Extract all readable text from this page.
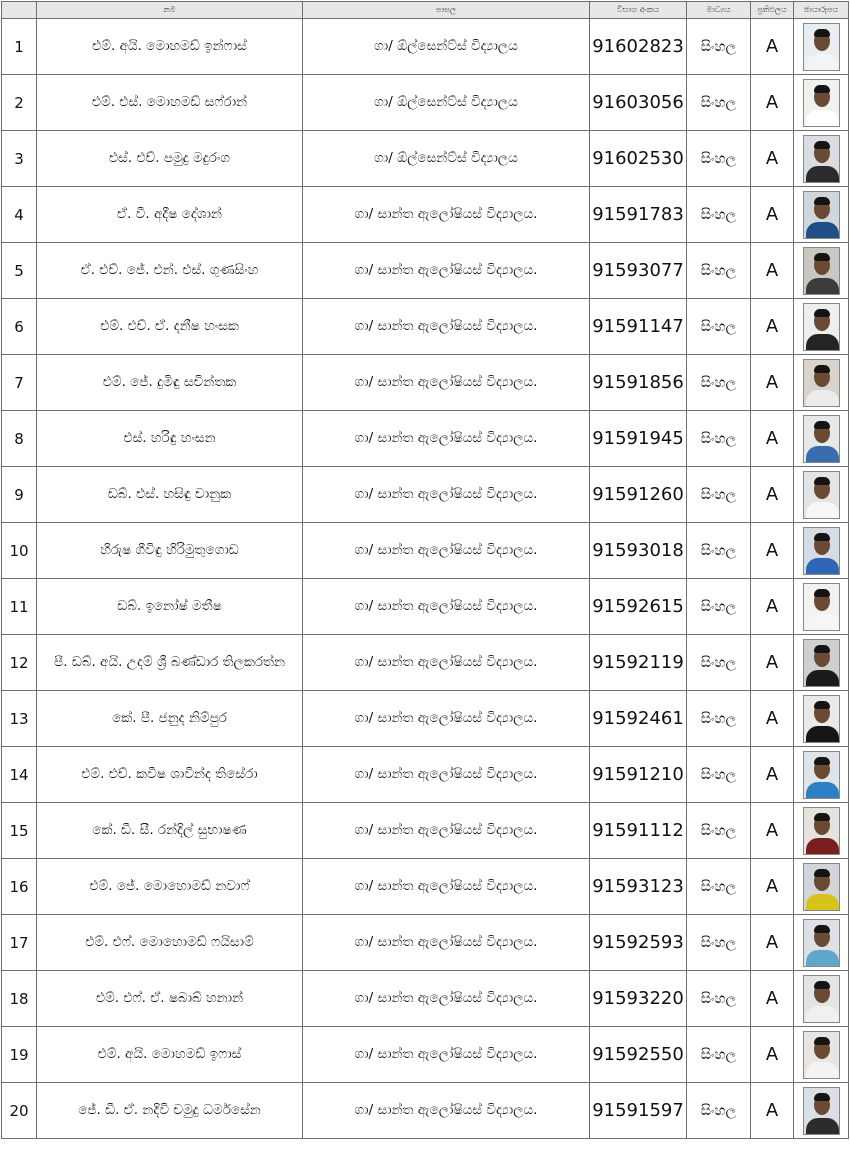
	නම	පාසල	විභාග අංකය	මාධ්‍යය	ප්‍රතිඵලය	ඡායාරූපය
1	එම්. අයි. මොහමඩ් ඉන්ෆාස්	ගා/ ඕල්සෙන්ට්ස් විද්‍යාලය	91602823	සිංහල	A	

2	එම්. එස්. මොහමඩ් සෆ්රාන්	ගා/ ඕල්සෙන්ට්ස් විද්‍යාලය	91603056	සිංහල	A	

3	එස්. එච්. පමුදු මදුරංග	ගා/ ඕල්සෙන්ට්ස් විද්‍යාලය	91602530	සිංහල	A	

4	ඒ. වී. අදීෂ දේශාන්	ගා/ සාන්ත ඇලෝෂියස් විද්‍යාලය.	91591783	සිංහල	A	

5	ඒ. එච්. ජේ. එන්. එස්. ගුණසිංහ	ගා/ සාන්ත ඇලෝෂියස් විද්‍යාලය.	91593077	සිංහල	A	

6	එම්. එච්. ඒ. දනීෂ හංසක	ගා/ සාන්ත ඇලෝෂියස් විද්‍යාලය.	91591147	සිංහල	A	

7	එම්. ජේ. දුමිඳු සචින්තක	ගා/ සාන්ත ඇලෝෂියස් විද්‍යාලය.	91591856	සිංහල	A	

8	එස්. හරිඳු හංසන	ගා/ සාන්ත ඇලෝෂියස් විද්‍යාලය.	91591945	සිංහල	A	

9	ඩබ්. එස්. හසිඳු චානුක	ගා/ සාන්ත ඇලෝෂියස් විද්‍යාලය.	91591260	සිංහල	A	

10	හිරුෂ ගීවිඳු හිරිමුතුගොඩ	ගා/ සාන්ත ඇලෝෂියස් විද්‍යාලය.	91593018	සිංහල	A	

11	ඩබ්. ඉනෝෂ් මතීෂ	ගා/ සාන්ත ඇලෝෂියස් විද්‍යාලය.	91592615	සිංහල	A	

12	පී. ඩබ්. අයි. උදම් ශ්‍රී බණ්ඩාර තිලකරත්න	ගා/ සාන්ත ඇලෝෂියස් විද්‍යාලය.	91592119	සිංහල	A	

13	කේ. පී. ජනුද නිම්පුර	ගා/ සාන්ත ඇලෝෂියස් විද්‍යාලය.	91592461	සිංහල	A	

14	එම්. එච්. කවීෂ ශාවින්ද තිසේරා	ගා/ සාන්ත ඇලෝෂියස් විද්‍යාලය.	91591210	සිංහල	A	

15	කේ. ඩී. සී. රන්දිල් සුභාෂණ	ගා/ සාන්ත ඇලෝෂියස් විද්‍යාලය.	91591112	සිංහල	A	

16	එම්. ජේ. මොහොමඩ් නවාෆ්	ගා/ සාන්ත ඇලෝෂියස් විද්‍යාලය.	91593123	සිංහල	A	

17	එම්. එෆ්. මොහොමඩ් ෆයිසාම්	ගා/ සාන්ත ඇලෝෂියස් විද්‍යාලය.	91592593	සිංහල	A	

18	එම්. එෆ්. ඒ. ෂබාබ් හනාන්	ගා/ සාන්ත ඇලෝෂියස් විද්‍යාලය.	91593220	සිංහල	A	

19	එම්. අයි. මොහමඩ් ඉෆාස්	ගා/ සාන්ත ඇලෝෂියස් විද්‍යාලය.	91592550	සිංහල	A	

20	ජේ. ඩී. ඒ. නදිවි චමුදු ධර්මසේන	ගා/ සාන්ත ඇලෝෂියස් විද්‍යාලය.	91591597	සිංහල	A	
